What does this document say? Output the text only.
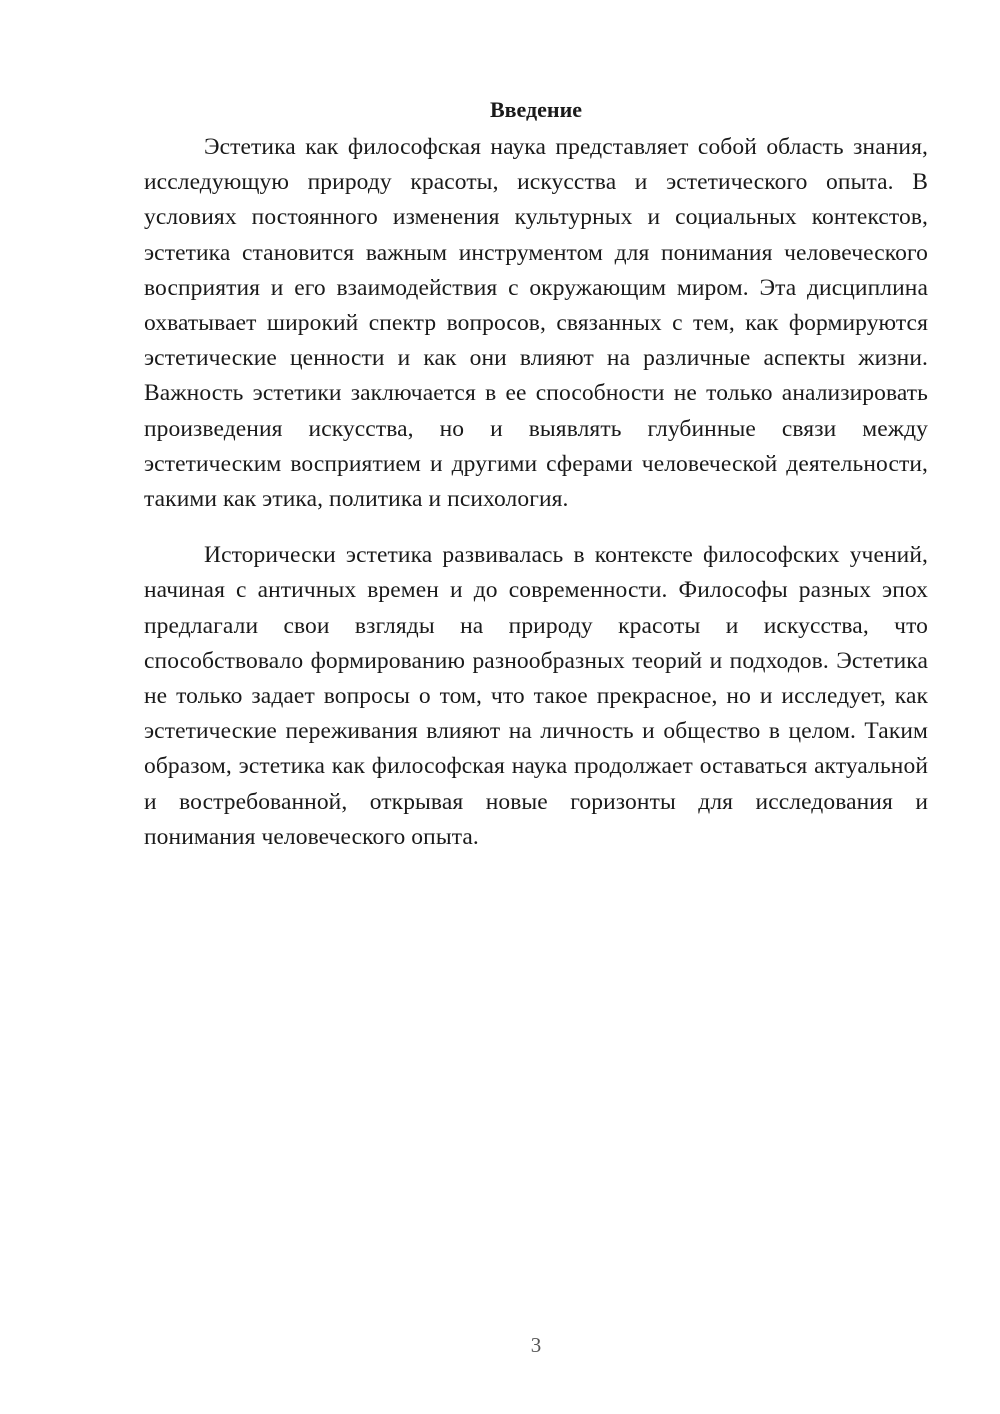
Введение

Эстетика как философская наука представляет собой область знания, исследующую природу красоты, искусства и эстетического опыта. В условиях постоянного изменения культурных и социальных контекстов, эстетика становится важным инструментом для понимания человеческого восприятия и его взаимодействия с окружающим миром. Эта дисциплина охватывает широкий спектр вопросов, связанных с тем, как формируются эстетические ценности и как они влияют на различные аспекты жизни. Важность эстетики заключается в ее способности не только анализировать произведения искусства, но и выявлять глубинные связи между эстетическим восприятием и другими сферами человеческой деятельности, такими как этика, политика и психология.

Исторически эстетика развивалась в контексте философских учений, начиная с античных времен и до современности. Философы разных эпох предлагали свои взгляды на природу красоты и искусства, что способствовало формированию разнообразных теорий и подходов. Эстетика не только задает вопросы о том, что такое прекрасное, но и исследует, как эстетические переживания влияют на личность и общество в целом. Таким образом, эстетика как философская наука продолжает оставаться актуальной и востребованной, открывая новые горизонты для исследования и понимания человеческого опыта.

3
